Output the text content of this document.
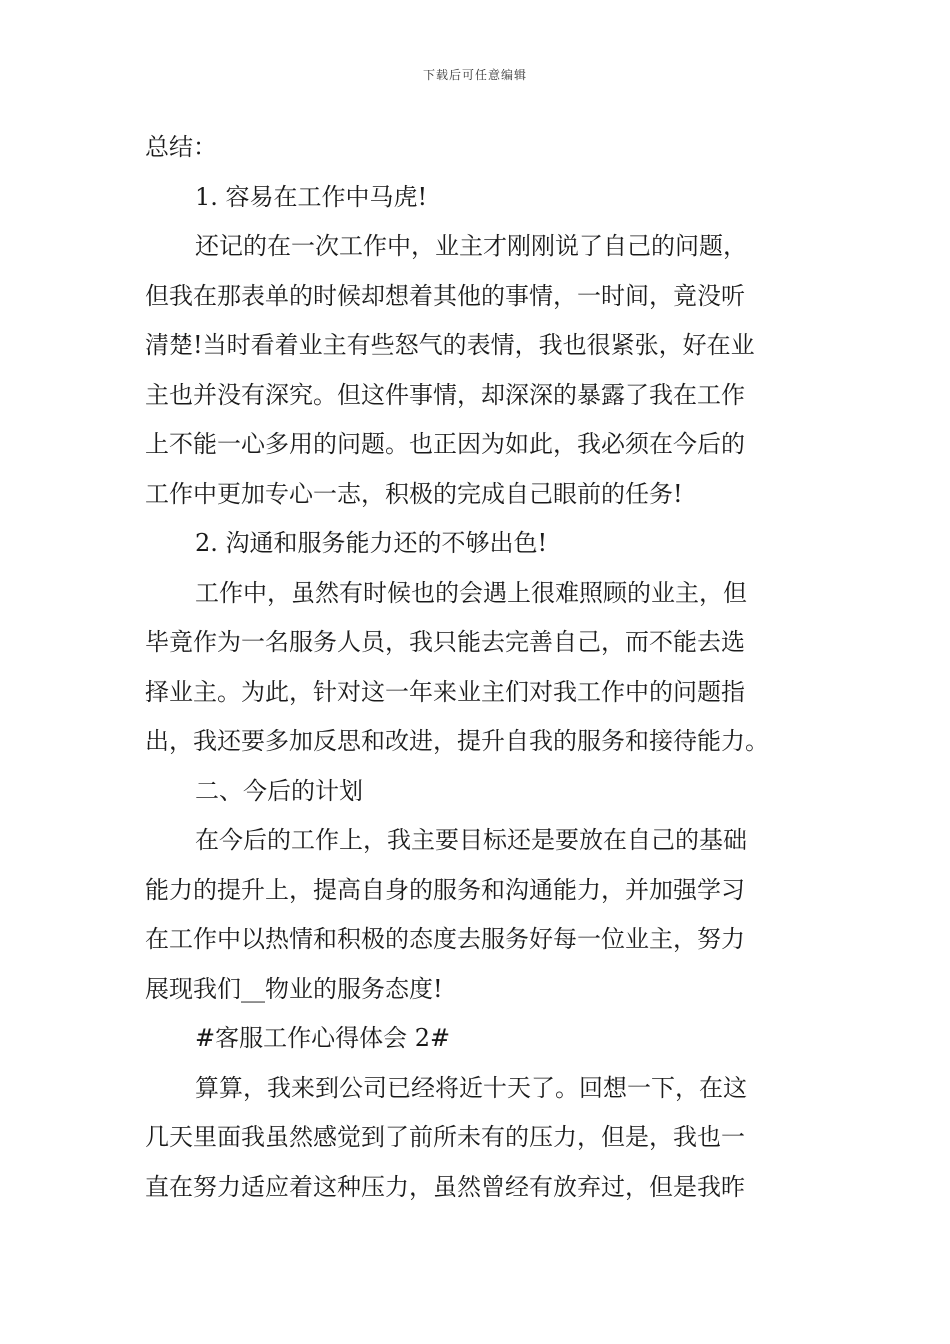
下载后可任意编辑
总结：
1. 容易在工作中马虎!
还记的在一次工作中，业主才刚刚说了自己的问题，
但我在那表单的时候却想着其他的事情，一时间，竟没听
清楚!当时看着业主有些怒气的表情，我也很紧张，好在业
主也并没有深究。但这件事情，却深深的暴露了我在工作
上不能一心多用的问题。也正因为如此，我必须在今后的
工作中更加专心一志，积极的完成自己眼前的任务!
2. 沟通和服务能力还的不够出色!
工作中，虽然有时候也的会遇上很难照顾的业主，但
毕竟作为一名服务人员，我只能去完善自己，而不能去选
择业主。为此，针对这一年来业主们对我工作中的问题指
出，我还要多加反思和改进，提升自我的服务和接待能力。
二、今后的计划
在今后的工作上，我主要目标还是要放在自己的基础
能力的提升上，提高自身的服务和沟通能力，并加强学习
在工作中以热情和积极的态度去服务好每一位业主，努力
展现我们__物业的服务态度!
#客服工作心得体会 2#
算算，我来到公司已经将近十天了。回想一下，在这
几天里面我虽然感觉到了前所未有的压力，但是，我也一
直在努力适应着这种压力，虽然曾经有放弃过，但是我昨
